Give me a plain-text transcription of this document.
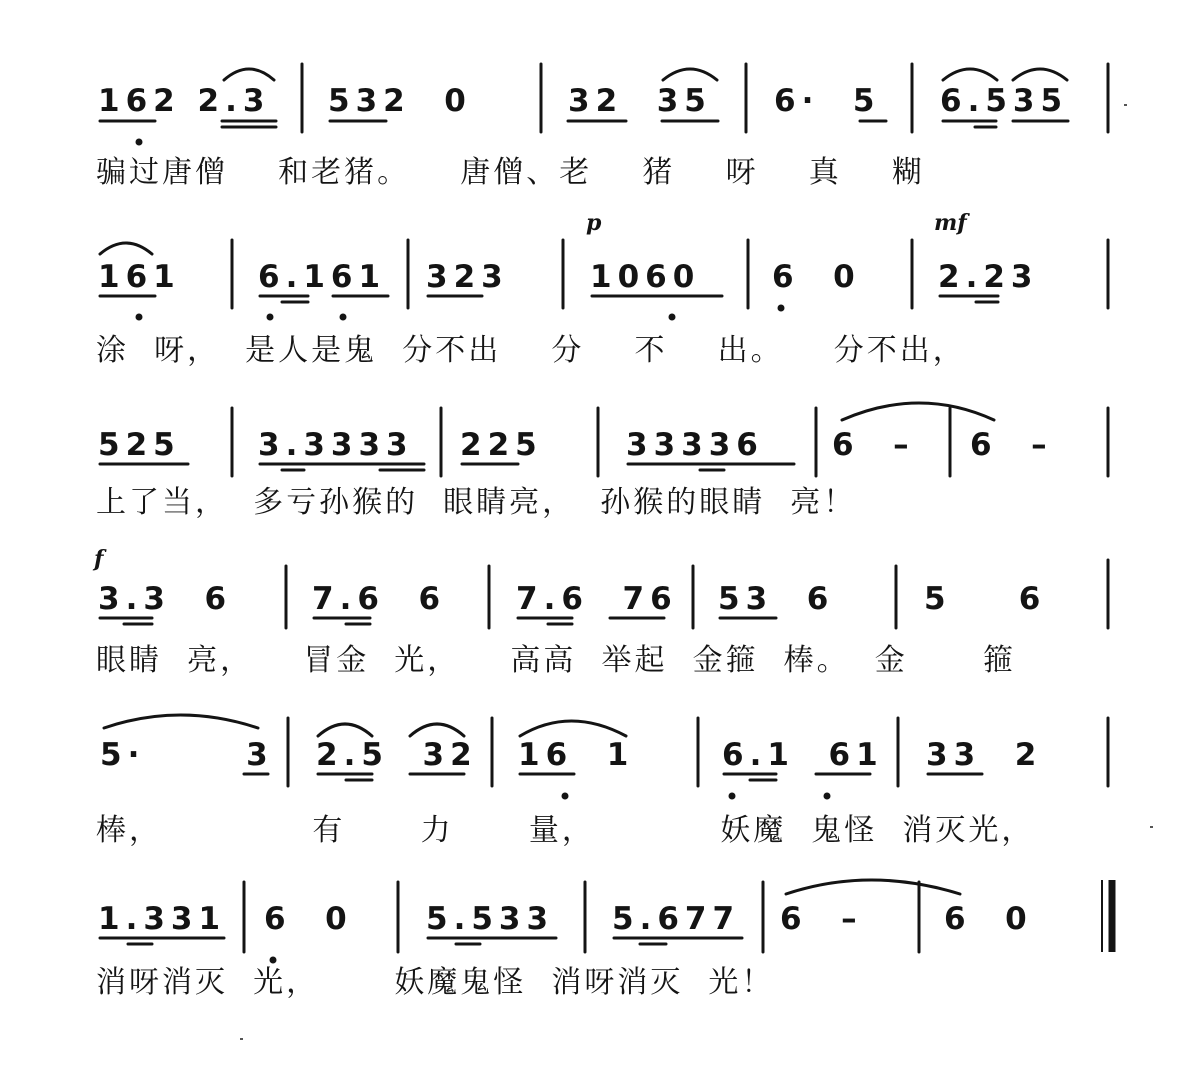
162 2.3 532  0	32  35 6·  5 6.535
161 6.161 323	1060 6  0 2.23
525 3.3333 225	33336 6  – 6  –
3.3  6	7.6  6 7.6  76 53  6	5    6
5·      3 2.5  32 16  1	6.1  61 33  2
1.331 6  0 5.533 5.677 6  –	6  0
p	mf
f
骗过唐僧    和老猪。    唐僧、老    猪    呀    真    糊
涂  呀，  是人是鬼  分不出    分    不    出。    分不出，
上了当，  多亏孙猴的  眼睛亮，  孙猴的眼睛  亮！
眼睛  亮，    冒金  光，    高高  举起  金箍  棒。  金      箍
棒，            有      力      量，          妖魔  鬼怪  消灭光，
消呀消灭  光，      妖魔鬼怪  消呀消灭  光！
